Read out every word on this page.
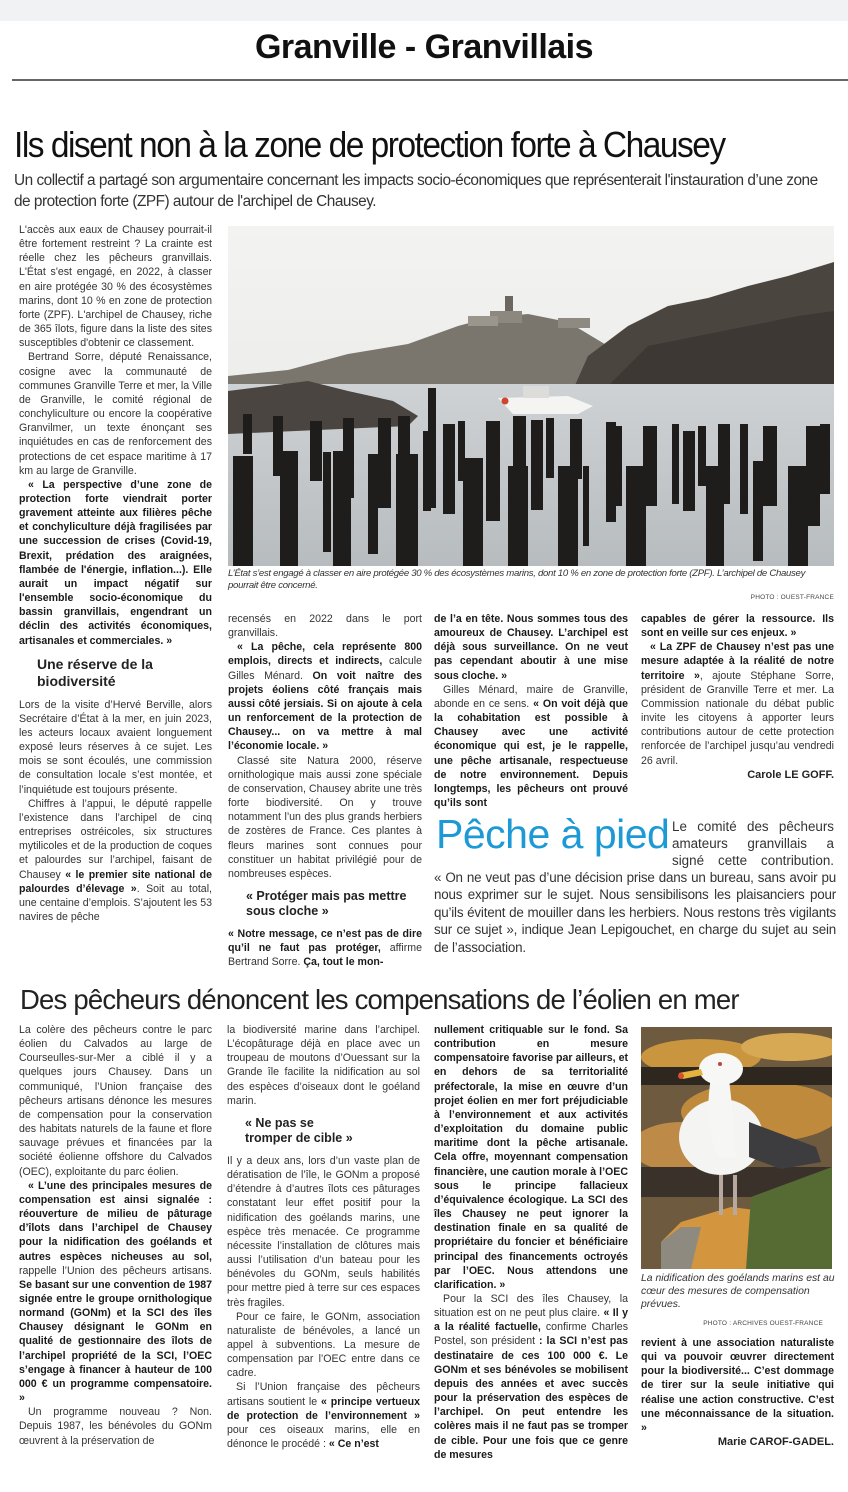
Granville - Granvillais
Ils disent non à la zone de protection forte à Chausey
Un collectif a partagé son argumentaire concernant les impacts socio-économiques que représenterait l'instauration d’une zone de protection forte (ZPF) autour de l'archipel de Chausey.

L'accès aux eaux de Chausey pourrait-il être fortement restreint ? La crainte est réelle chez les pêcheurs granvillais. L'État s'est engagé, en 2022, à classer en aire protégée 30 % des écosystèmes marins, dont 10 % en zone de protection forte (ZPF). L'archipel de Chausey, riche de 365 îlots, figure dans la liste des sites susceptibles d'obtenir ce classement.

Bertrand Sorre, député Renaissance, cosigne avec la communauté de communes Granville Terre et mer, la Ville de Granville, le comité régional de conchyliculture ou encore la coopérative Granvilmer, un texte énonçant ses inquiétudes en cas de renforcement des protections de cet espace maritime à 17 km au large de Granville.

« La perspective d’une zone de protection forte viendrait porter gravement atteinte aux filières pêche et conchyliculture déjà fragilisées par une succession de crises (Covid-19, Brexit, prédation des araignées, flambée de l'énergie, inflation...). Elle aurait un impact négatif sur l'ensemble socio-économique du bassin granvillais, engendrant un déclin des activités économiques, artisanales et commerciales. »

Une réserve de la biodiversité

Lors de la visite d’Hervé Berville, alors Secrétaire d’État à la mer, en juin 2023, les acteurs locaux avaient longuement exposé leurs réserves à ce sujet. Les mois se sont écoulés, une commission de consultation locale s’est montée, et l’inquiétude est toujours présente.

Chiffres à l’appui, le député rappelle l’existence dans l’archipel de cinq entreprises ostréicoles, six structures mytilicoles et de la production de coques et palourdes sur l’archipel, faisant de Chausey « le premier site national de palourdes d’élevage ». Soit au total, une centaine d’emplois. S’ajoutent les 53 navires de pêche

L’État s’est engagé à classer en aire protégée 30 % des écosystèmes marins, dont 10 % en zone de protection forte (ZPF). L’archipel de Chausey pourrait être concerné.
PHOTO : OUEST-FRANCE

recensés en 2022 dans le port granvillais.

« La pêche, cela représente 800 emplois, directs et indirects, calcule Gilles Ménard. On voit naître des projets éoliens côté français mais aussi côté jersiais. Si on ajoute à cela un renforcement de la protection de Chausey... on va mettre à mal l’économie locale. »

Classé site Natura 2000, réserve ornithologique mais aussi zone spéciale de conservation, Chausey abrite une très forte biodiversité. On y trouve notamment l’un des plus grands herbiers de zostères de France. Ces plantes à fleurs marines sont connues pour constituer un habitat privilégié pour de nombreuses espèces.

« Protéger mais pas mettre sous cloche »

« Notre message, ce n’est pas de dire qu’il ne faut pas protéger, affirme Bertrand Sorre. Ça, tout le mon-

de l’a en tête. Nous sommes tous des amoureux de Chausey. L’archipel est déjà sous surveillance. On ne veut pas cependant aboutir à une mise sous cloche. »

Gilles Ménard, maire de Granville, abonde en ce sens. « On voit déjà que la cohabitation est possible à Chausey avec une activité économique qui est, je le rappelle, une pêche artisanale, respectueuse de notre environnement. Depuis longtemps, les pêcheurs ont prouvé qu’ils sont

capables de gérer la ressource. Ils sont en veille sur ces enjeux. »

« La ZPF de Chausey n’est pas une mesure adaptée à la réalité de notre territoire », ajoute Stéphane Sorre, président de Granville Terre et mer. La Commission nationale du débat public invite les citoyens à apporter leurs contributions autour de cette protection renforcée de l’archipel jusqu’au vendredi 26 avril.

Carole LE GOFF.
Pêche à pied Le comité des pêcheurs amateurs granvillais a signé cette contribution.
« On ne veut pas d’une décision prise dans un bureau, sans avoir pu nous exprimer sur le sujet. Nous sensibilisons les plaisanciers pour qu’ils évitent de mouiller dans les herbiers. Nous restons très vigilants sur ce sujet », indique Jean Lepigouchet, en charge du sujet au sein de l’association.
Des pêcheurs dénoncent les compensations de l’éolien en mer

La colère des pêcheurs contre le parc éolien du Calvados au large de Courseulles-sur-Mer a ciblé il y a quelques jours Chausey. Dans un communiqué, l’Union française des pêcheurs artisans dénonce les mesures de compensation pour la conservation des habitats naturels de la faune et flore sauvage prévues et financées par la société éolienne offshore du Calvados (OEC), exploitante du parc éolien.

« L’une des principales mesures de compensation est ainsi signalée : réouverture de milieu de pâturage d’îlots dans l’archipel de Chausey pour la nidification des goélands et autres espèces nicheuses au sol, rappelle l’Union des pêcheurs artisans. Se basant sur une convention de 1987 signée entre le groupe ornithologique normand (GONm) et la SCI des îles Chausey désignant le GONm en qualité de gestionnaire des îlots de l’archipel propriété de la SCI, l’OEC s’engage à financer à hauteur de 100 000 € un programme compensatoire. »

Un programme nouveau ? Non. Depuis 1987, les bénévoles du GONm œuvrent à la préservation de

la biodiversité marine dans l’archipel. L’écopâturage déjà en place avec un troupeau de moutons d’Ouessant sur la Grande île facilite la nidification au sol des espèces d’oiseaux dont le goéland marin.

« Ne pas se tromper de cible »

Il y a deux ans, lors d’un vaste plan de dératisation de l’île, le GONm a proposé d’étendre à d’autres îlots ces pâturages constatant leur effet positif pour la nidification des goélands marins, une espèce très menacée. Ce programme nécessite l’installation de clôtures mais aussi l’utilisation d’un bateau pour les bénévoles du GONm, seuls habilités pour mettre pied à terre sur ces espaces très fragiles.

Pour ce faire, le GONm, association naturaliste de bénévoles, a lancé un appel à subventions. La mesure de compensation par l’OEC entre dans ce cadre.

Si l’Union française des pêcheurs artisans soutient le « principe vertueux de protection de l’environnement » pour ces oiseaux marins, elle en dénonce le procédé : « Ce n’est

nullement critiquable sur le fond. Sa contribution en mesure compensatoire favorise par ailleurs, et en dehors de sa territorialité préfectorale, la mise en œuvre d’un projet éolien en mer fort préjudiciable à l’environnement et aux activités d’exploitation du domaine public maritime dont la pêche artisanale. Cela offre, moyennant compensation financière, une caution morale à l’OEC sous le principe fallacieux d’équivalence écologique. La SCI des îles Chausey ne peut ignorer la destination finale en sa qualité de propriétaire du foncier et bénéficiaire principal des financements octroyés par l’OEC. Nous attendons une clarification. »

Pour la SCI des îles Chausey, la situation est on ne peut plus claire. « Il y a la réalité factuelle, confirme Charles Postel, son président : la SCI n’est pas destinataire de ces 100 000 €. Le GONm et ses bénévoles se mobilisent depuis des années et avec succès pour la préservation des espèces de l’archipel. On peut entendre les colères mais il ne faut pas se tromper de cible. Pour une fois que ce genre de mesures

La nidification des goélands marins est au cœur des mesures de compensation prévues.
PHOTO : ARCHIVES OUEST-FRANCE

revient à une association naturaliste qui va pouvoir œuvrer directement pour la biodiversité... C’est dommage de tirer sur la seule initiative qui réalise une action constructive. C’est une méconnaissance de la situation. »

Marie CAROF-GADEL.
